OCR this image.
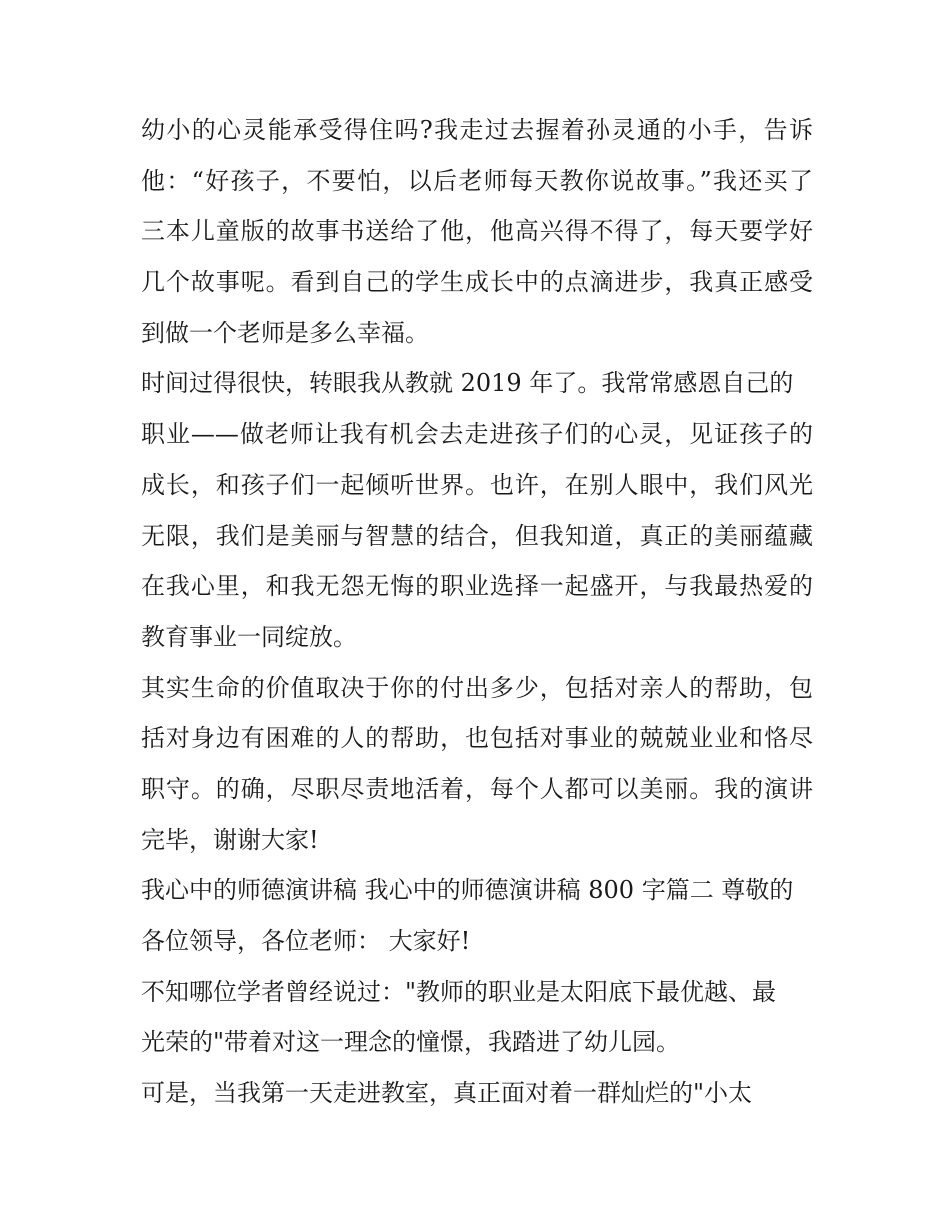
幼小的心灵能承受得住吗?我走过去握着孙灵通的小手，告诉
他：“好孩子，不要怕，以后老师每天教你说故事。”我还买了
三本儿童版的故事书送给了他，他高兴得不得了，每天要学好
几个故事呢。看到自己的学生成长中的点滴进步，我真正感受
到做一个老师是多么幸福。
时间过得很快，转眼我从教就 2019 年了。我常常感恩自己的
职业——做老师让我有机会去走进孩子们的心灵，见证孩子的
成长，和孩子们一起倾听世界。也许，在别人眼中，我们风光
无限，我们是美丽与智慧的结合，但我知道，真正的美丽蕴藏
在我心里，和我无怨无悔的职业选择一起盛开，与我最热爱的
教育事业一同绽放。
其实生命的价值取决于你的付出多少，包括对亲人的帮助，包
括对身边有困难的人的帮助，也包括对事业的兢兢业业和恪尽
职守。的确，尽职尽责地活着，每个人都可以美丽。我的演讲
完毕，谢谢大家!
我心中的师德演讲稿 我心中的师德演讲稿 800 字篇二 尊敬的
各位领导，各位老师： 大家好!
不知哪位学者曾经说过："教师的职业是太阳底下最优越、最
光荣的"带着对这一理念的憧憬，我踏进了幼儿园。
可是，当我第一天走进教室，真正面对着一群灿烂的"小太
